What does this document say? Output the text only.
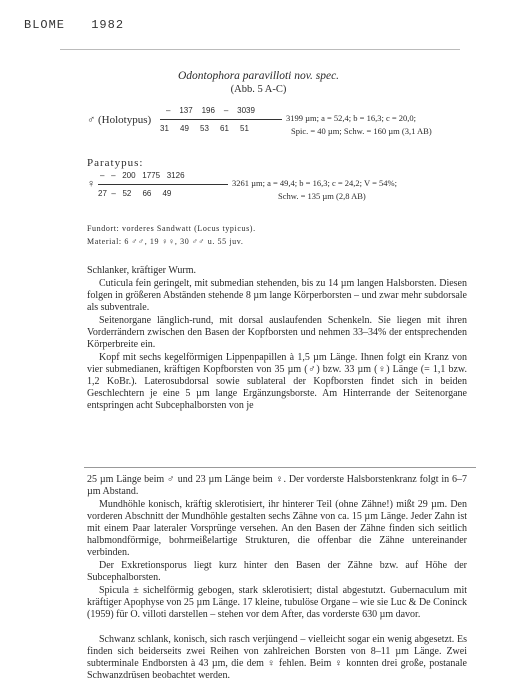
BLOME 1982
Odontophora paravilloti nov. spec.
(Abb. 5 A-C)
♂ (Holotypus)
–    137    196    –    3039
31     49     53     61     51
3199 µm; a = 52,4; b = 16,3; c = 20,0;
Spic. = 40 µm; Schw. = 160 µm (3,1 AB)
Paratypus:
♀
–   –   200   1775   3126
27  –   52     66     49
3261 µm; a = 49,4; b = 16,3; c = 24,2; V = 54%;
Schw. = 135 µm (2,8 AB)
Fundort: vorderes Sandwatt (Locus typicus).
Material: 6 ♂♂, 19 ♀♀, 30 ♂♂ u. 55 juv.

Schlanker, kräftiger Wurm.

Cuticula fein geringelt, mit submedian stehenden, bis zu 14 µm langen Halsborsten. Diesen folgen in größeren Abständen stehende 8 µm lange Körperborsten – und zwar mehr subdorsale als subventrale.

Seitenorgane länglich-rund, mit dorsal auslaufenden Schenkeln. Sie liegen mit ihren Vorderrändern zwischen den Basen der Kopfborsten und nehmen 33–34% der entsprechenden Körperbreite ein.

Kopf mit sechs kegelförmigen Lippenpapillen à 1,5 µm Länge. Ihnen folgt ein Kranz von vier submedianen, kräftigen Kopfborsten von 35 µm (♂) bzw. 33 µm (♀) Länge (= 1,1 bzw. 1,2 KoBr.). Laterosubdorsal sowie sublateral der Kopfborsten findet sich in beiden Geschlechtern je eine 5 µm lange Ergänzungsborste. Am Hinterrande der Seitenorgane entspringen acht Subcephalborsten von je

25 µm Länge beim ♂ und 23 µm Länge beim ♀. Der vorderste Halsborstenkranz folgt in 6–7 µm Abstand.

Mundhöhle konisch, kräftig sklerotisiert, ihr hinterer Teil (ohne Zähne!) mißt 29 µm. Den vorderen Abschnitt der Mundhöhle gestalten sechs Zähne von ca. 15 µm Länge. Jeder Zahn ist mit einem Paar lateraler Vorsprünge versehen. An den Basen der Zähne finden sich seitlich halbmondförmige, bohrmeißelartige Strukturen, die offenbar die Zähne untereinander verbinden.

Der Exkretionsporus liegt kurz hinter den Basen der Zähne bzw. auf Höhe der Subcephalborsten.

Spicula ± sichelförmig gebogen, stark sklerotisiert; distal abgestutzt. Gubernaculum mit kräftiger Apophyse von 25 µm Länge. 17 kleine, tubulöse Organe – wie sie Luc & De Coninck (1959) für O. villoti darstellen – stehen vor dem After, das vorderste 630 µm davor.

Schwanz schlank, konisch, sich rasch verjüngend – vielleicht sogar ein wenig abgesetzt. Es finden sich beiderseits zwei Reihen von zahlreichen Borsten von 8–11 µm Länge. Zwei subterminale Endborsten à 43 µm, die dem ♀ fehlen. Beim ♀ konnten drei große, postanale Schwanzdrüsen beobachtet werden.
